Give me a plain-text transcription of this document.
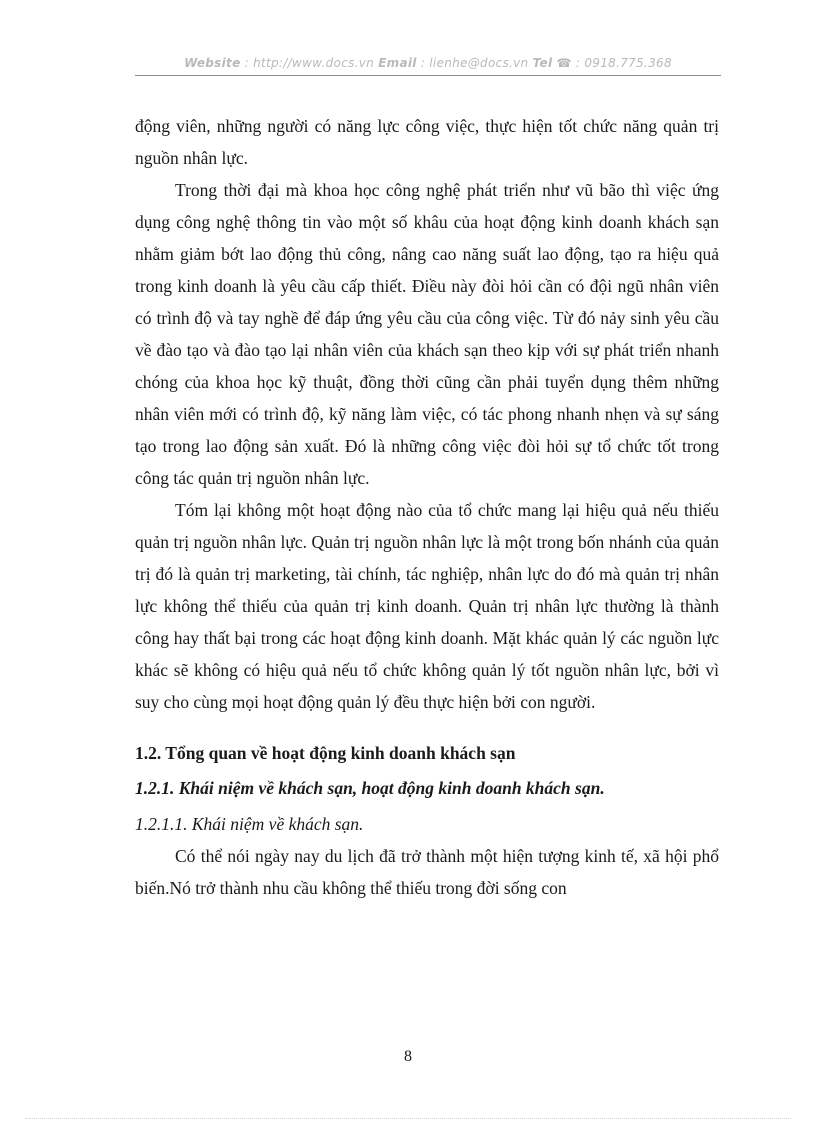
Website : http://www.docs.vn Email : lienhe@docs.vn Tel ☎ : 0918.775.368

động viên, những người có năng lực công việc, thực hiện tốt chức năng quản trị nguồn nhân lực.

Trong thời đại mà khoa học công nghệ phát triển như vũ bão thì việc ứng dụng công nghệ thông tin vào một số khâu của hoạt động kinh doanh khách sạn nhằm giảm bớt lao động thủ công, nâng cao năng suất lao động, tạo ra hiệu quả trong kinh doanh là yêu cầu cấp thiết. Điều này đòi hỏi cần có đội ngũ nhân viên có trình độ và tay nghề để đáp ứng yêu cầu của công việc. Từ đó nảy sinh yêu cầu về đào tạo và đào tạo lại nhân viên của khách sạn theo kịp với sự phát triển nhanh chóng của khoa học kỹ thuật, đồng thời cũng cần phải tuyển dụng thêm những nhân viên mới có trình độ, kỹ năng làm việc, có tác phong nhanh nhẹn và sự sáng tạo trong lao động sản xuất. Đó là những công việc đòi hỏi sự tổ chức tốt trong công tác quản trị nguồn nhân lực.

Tóm lại không một hoạt động nào của tổ chức mang lại hiệu quả nếu thiếu quản trị nguồn nhân lực. Quản trị nguồn nhân lực là một trong bốn nhánh của quản trị đó là quản trị marketing, tài chính, tác nghiệp, nhân lực do đó mà quản trị nhân lực không thể thiếu của quản trị kinh doanh. Quản trị nhân lực thường là thành công hay thất bại trong các hoạt động kinh doanh. Mặt khác quản lý các nguồn lực khác sẽ không có hiệu quả nếu tổ chức không quản lý tốt nguồn nhân lực, bởi vì suy cho cùng mọi hoạt động quản lý đều thực hiện bởi con người.

1.2. Tổng quan về hoạt động kinh doanh khách sạn

1.2.1. Khái niệm về khách sạn, hoạt động kinh doanh khách sạn.

1.2.1.1. Khái niệm về khách sạn.

Có thể nói ngày nay du lịch đã trở thành một hiện tượng kinh tế, xã hội phổ biến.Nó trở thành nhu cầu không thể thiếu trong đời sống con

8
